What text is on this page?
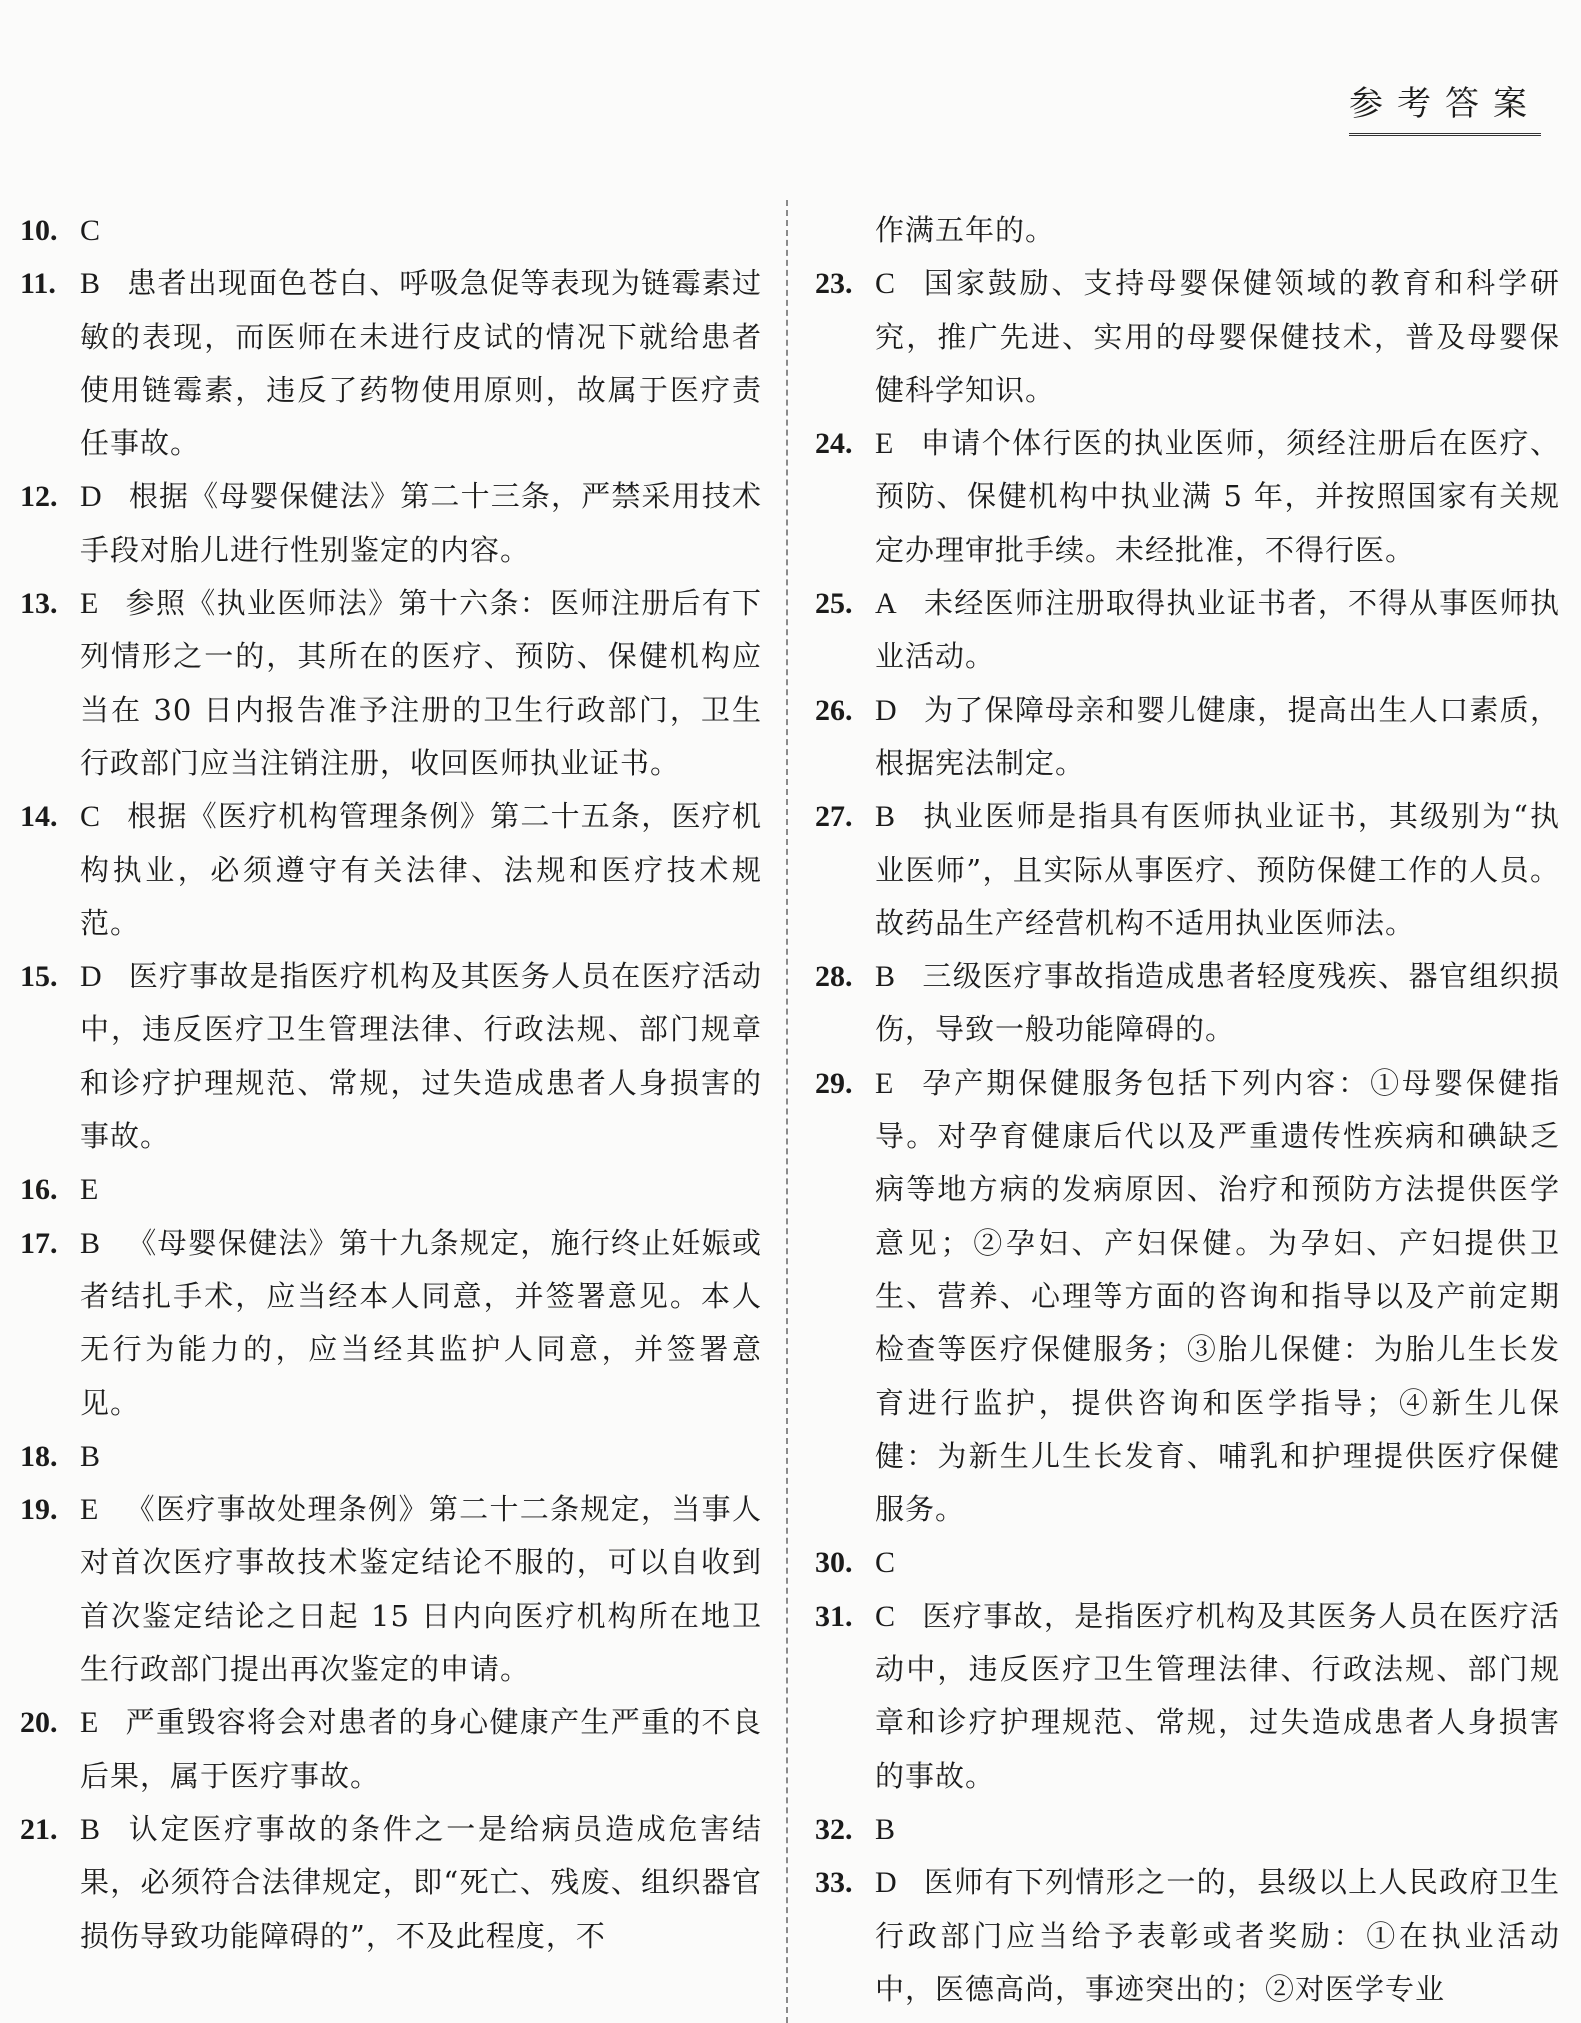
参考答案
10. C
11. B 患者出现面色苍白、呼吸急促等表现为链霉素过敏的表现，而医师在未进行皮试的情况下就给患者使用链霉素，违反了药物使用原则，故属于医疗责任事故。
12. D 根据《母婴保健法》第二十三条，严禁采用技术手段对胎儿进行性别鉴定的内容。
13. E 参照《执业医师法》第十六条：医师注册后有下列情形之一的，其所在的医疗、预防、保健机构应当在 30 日内报告准予注册的卫生行政部门，卫生行政部门应当注销注册，收回医师执业证书。
14. C 根据《医疗机构管理条例》第二十五条，医疗机构执业，必须遵守有关法律、法规和医疗技术规范。
15. D 医疗事故是指医疗机构及其医务人员在医疗活动中，违反医疗卫生管理法律、行政法规、部门规章和诊疗护理规范、常规，过失造成患者人身损害的事故。
16. E
17. B 《母婴保健法》第十九条规定，施行终止妊娠或者结扎手术，应当经本人同意，并签署意见。本人无行为能力的，应当经其监护人同意，并签署意见。
18. B
19. E 《医疗事故处理条例》第二十二条规定，当事人对首次医疗事故技术鉴定结论不服的，可以自收到首次鉴定结论之日起 15 日内向医疗机构所在地卫生行政部门提出再次鉴定的申请。
20. E 严重毁容将会对患者的身心健康产生严重的不良后果，属于医疗事故。
21. B 认定医疗事故的条件之一是给病员造成危害结果，必须符合法律规定，即“死亡、残废、组织器官损伤导致功能障碍的”，不及此程度，不
作满五年的。
23. C 国家鼓励、支持母婴保健领域的教育和科学研究，推广先进、实用的母婴保健技术，普及母婴保健科学知识。
24. E 申请个体行医的执业医师，须经注册后在医疗、预防、保健机构中执业满 5 年，并按照国家有关规定办理审批手续。未经批准，不得行医。
25. A 未经医师注册取得执业证书者，不得从事医师执业活动。
26. D 为了保障母亲和婴儿健康，提高出生人口素质，根据宪法制定。
27. B 执业医师是指具有医师执业证书，其级别为“执业医师”，且实际从事医疗、预防保健工作的人员。故药品生产经营机构不适用执业医师法。
28. B 三级医疗事故指造成患者轻度残疾、器官组织损伤，导致一般功能障碍的。
29. E 孕产期保健服务包括下列内容：①母婴保健指导。对孕育健康后代以及严重遗传性疾病和碘缺乏病等地方病的发病原因、治疗和预防方法提供医学意见；②孕妇、产妇保健。为孕妇、产妇提供卫生、营养、心理等方面的咨询和指导以及产前定期检查等医疗保健服务；③胎儿保健：为胎儿生长发育进行监护，提供咨询和医学指导；④新生儿保健：为新生儿生长发育、哺乳和护理提供医疗保健服务。
30. C
31. C 医疗事故，是指医疗机构及其医务人员在医疗活动中，违反医疗卫生管理法律、行政法规、部门规章和诊疗护理规范、常规，过失造成患者人身损害的事故。
32. B
33. D 医师有下列情形之一的，县级以上人民政府卫生行政部门应当给予表彰或者奖励：①在执业活动中，医德高尚，事迹突出的；②对医学专业
